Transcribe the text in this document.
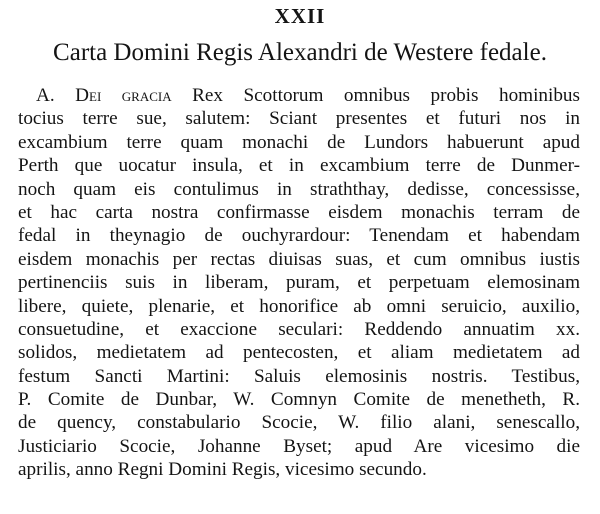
XXII
Carta Domini Regis Alexandri de Westere fedale.
A. Dei gracia Rex Scottorum omnibus probis hominibus
tocius terre sue, salutem: Sciant presentes et futuri nos in
excambium terre quam monachi de Lundors habuerunt apud
Perth que uocatur insula, et in excambium terre de Dunmer-
noch quam eis contulimus in straththay, dedisse, concessisse,
et hac carta nostra confirmasse eisdem monachis terram de
fedal in theynagio de ouchyrardour: Tenendam et habendam
eisdem monachis per rectas diuisas suas, et cum omnibus iustis
pertinenciis suis in liberam, puram, et perpetuam elemosinam
libere, quiete, plenarie, et honorifice ab omni seruicio, auxilio,
consuetudine, et exaccione seculari: Reddendo annuatim xx.
solidos, medietatem ad pentecosten, et aliam medietatem ad
festum Sancti Martini: Saluis elemosinis nostris. Testibus,
P. Comite de Dunbar, W. Comnyn Comite de menetheth, R.
de quency, constabulario Scocie, W. filio alani, senescallo,
Justiciario Scocie, Johanne Byset; apud Are vicesimo die
aprilis, anno Regni Domini Regis, vicesimo secundo.
